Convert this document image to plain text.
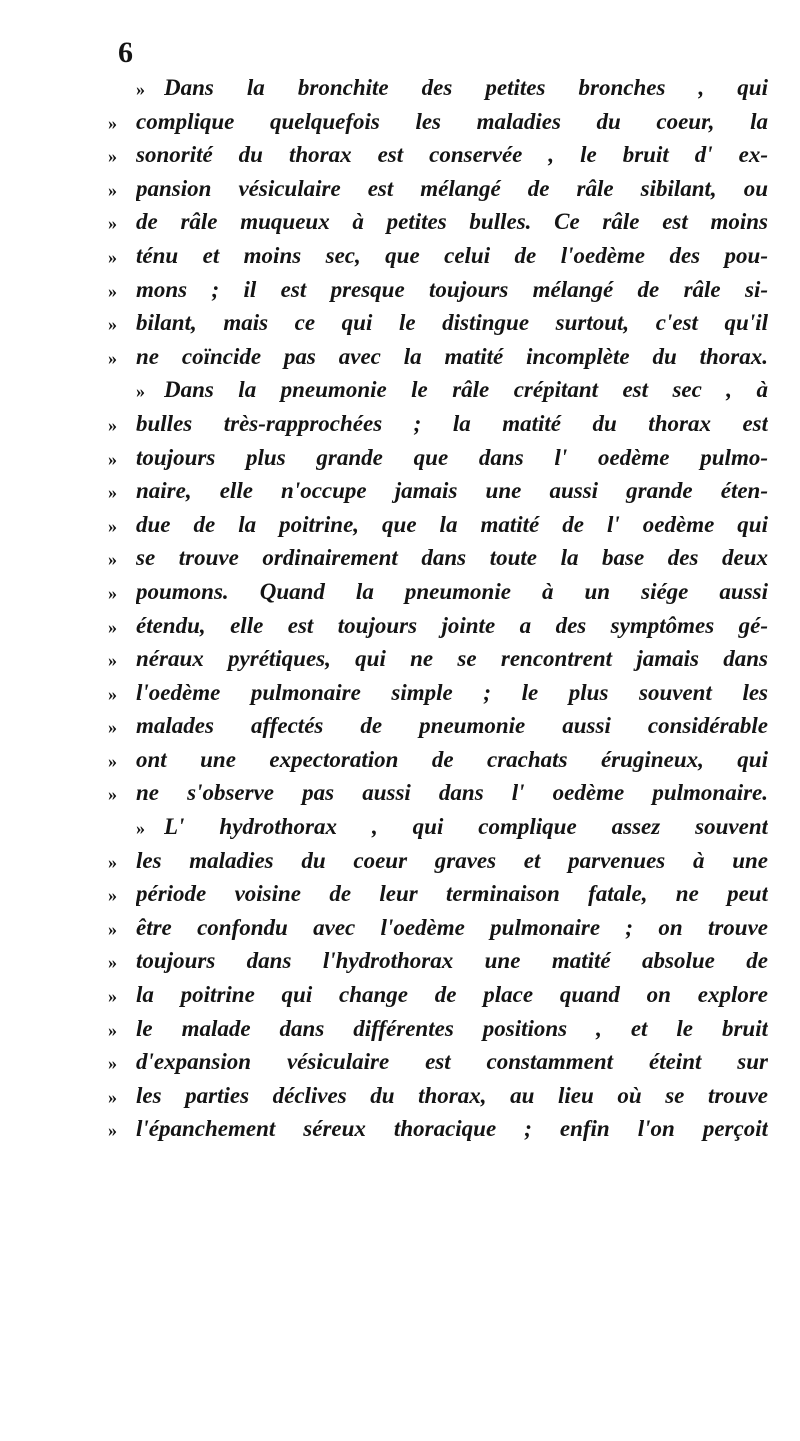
6
» Dans la bronchite des petites bronches , qui
» complique quelquefois les maladies du coeur, la
» sonorité du thorax est conservée , le bruit d' ex-
» pansion vésiculaire est mélangé de râle sibilant, ou
» de râle muqueux à petites bulles. Ce râle est moins
» ténu et moins sec, que celui de l'oedème des pou-
» mons ; il est presque toujours mélangé de râle si-
» bilant, mais ce qui le distingue surtout, c'est qu'il
» ne coïncide pas avec la matité incomplète du thorax.
» Dans la pneumonie le râle crépitant est sec , à
» bulles très-rapprochées ; la matité du thorax est
» toujours plus grande que dans l' oedème pulmo-
» naire, elle n'occupe jamais une aussi grande éten-
» due de la poitrine, que la matité de l' oedème qui
» se trouve ordinairement dans toute la base des deux
» poumons. Quand la pneumonie à un siége aussi
» étendu, elle est toujours jointe a des symptômes gé-
» néraux pyrétiques, qui ne se rencontrent jamais dans
» l'oedème pulmonaire simple ; le plus souvent les
» malades affectés de pneumonie aussi considérable
» ont une expectoration de crachats érugineux, qui
» ne s'observe pas aussi dans l' oedème pulmonaire.
» L' hydrothorax , qui complique assez souvent
» les maladies du coeur graves et parvenues à une
» période voisine de leur terminaison fatale, ne peut
» être confondu avec l'oedème pulmonaire ; on trouve
» toujours dans l'hydrothorax une matité absolue de
» la poitrine qui change de place quand on explore
» le malade dans différentes positions , et le bruit
» d'expansion vésiculaire est constamment éteint sur
» les parties déclives du thorax, au lieu où se trouve
» l'épanchement séreux thoracique ; enfin l'on perçoit
